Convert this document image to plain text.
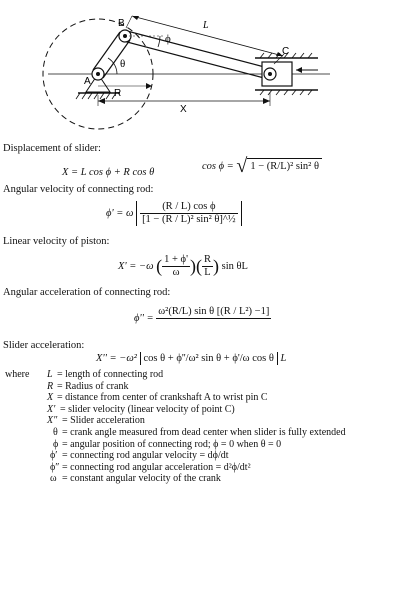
A
B
C
L
R
X
ϕ
θ
Displacement of slider:
X = L cos ϕ + R cos θ
cos ϕ = √ 1 − (R/L)² sin² θ
Angular velocity of connecting rod:
ϕ' = ω $\frac{\text{(R / L) cos ϕ}}{\text{[1 − (R / L)² sin² θ]\textasciicircum{}½}}$
Linear velocity of piston:
X' = −ω ( $\frac{1 + \phi'}{\omega}$ )( $\frac{R}{L}$ ) sin θL
Angular acceleration of connecting rod:
ϕ'' =
ω²(R/L) sin θ [(R / L²) −1]

Slider acceleration:
X'' = −ω² cos θ + ϕ''/ω² sin θ + ϕ'/ω cos θ L
where L = length of connecting rod
R = Radius of crank
X = distance from center of crankshaft A to wrist pin C
X′ = slider velocity (linear velocity of point C)
X″ = Slider acceleration
θ = crank angle measured from dead center when slider is fully extended
ϕ = angular position of connecting rod; ϕ = 0 when θ = 0
ϕ′ = connecting rod angular velocity = dϕ/dt
ϕ″ = connecting rod angular acceleration = d²ϕ/dt²
ω = constant angular velocity of the crank
